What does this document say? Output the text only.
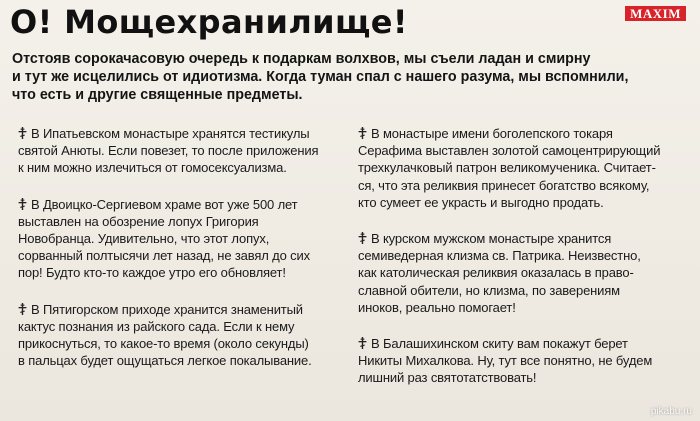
MAXIM
О! Мощехранилище!

Отстояв сорокачасовую очередь к подаркам волхвов, мы съели ладан и смирну
и тут же исцелились от идиотизма. Когда туман спал с нашего разума, мы вспомнили,
что есть и другие священные предметы.

В Ипатьевском монастыре хранятся тестикулы
святой Анюты. Если повезет, то после приложения
к ним можно излечиться от гомосексуализма.

В Двоицко-Сергиевом храме вот уже 500 лет
выставлен на обозрение лопух Григория
Новобранца. Удивительно, что этот лопух,
сорванный полтысячи лет назад, не завял до сих
пор! Будто кто-то каждое утро его обновляет!

В Пятигорском приходе хранится знаменитый
кактус познания из райского сада. Если к нему
прикоснуться, то какое-то время (около секунды)
в пальцах будет ощущаться легкое покалывание.

В монастыре имени боголепского токаря
Серафима выставлен золотой самоцентрирующий
трехкулачковый патрон великомученика. Считает-
ся, что эта реликвия принесет богатство всякому,
кто сумеет ее украсть и выгодно продать.

В курском мужском монастыре хранится
семиведерная клизма св. Патрика. Неизвестно,
как католическая реликвия оказалась в право-
славной обители, но клизма, по заверениям
иноков, реально помогает!

В Балашихинском скиту вам покажут берет
Никиты Михалкова. Ну, тут все понятно, не будем
лишний раз святотатствовать!

pikabu.ru
